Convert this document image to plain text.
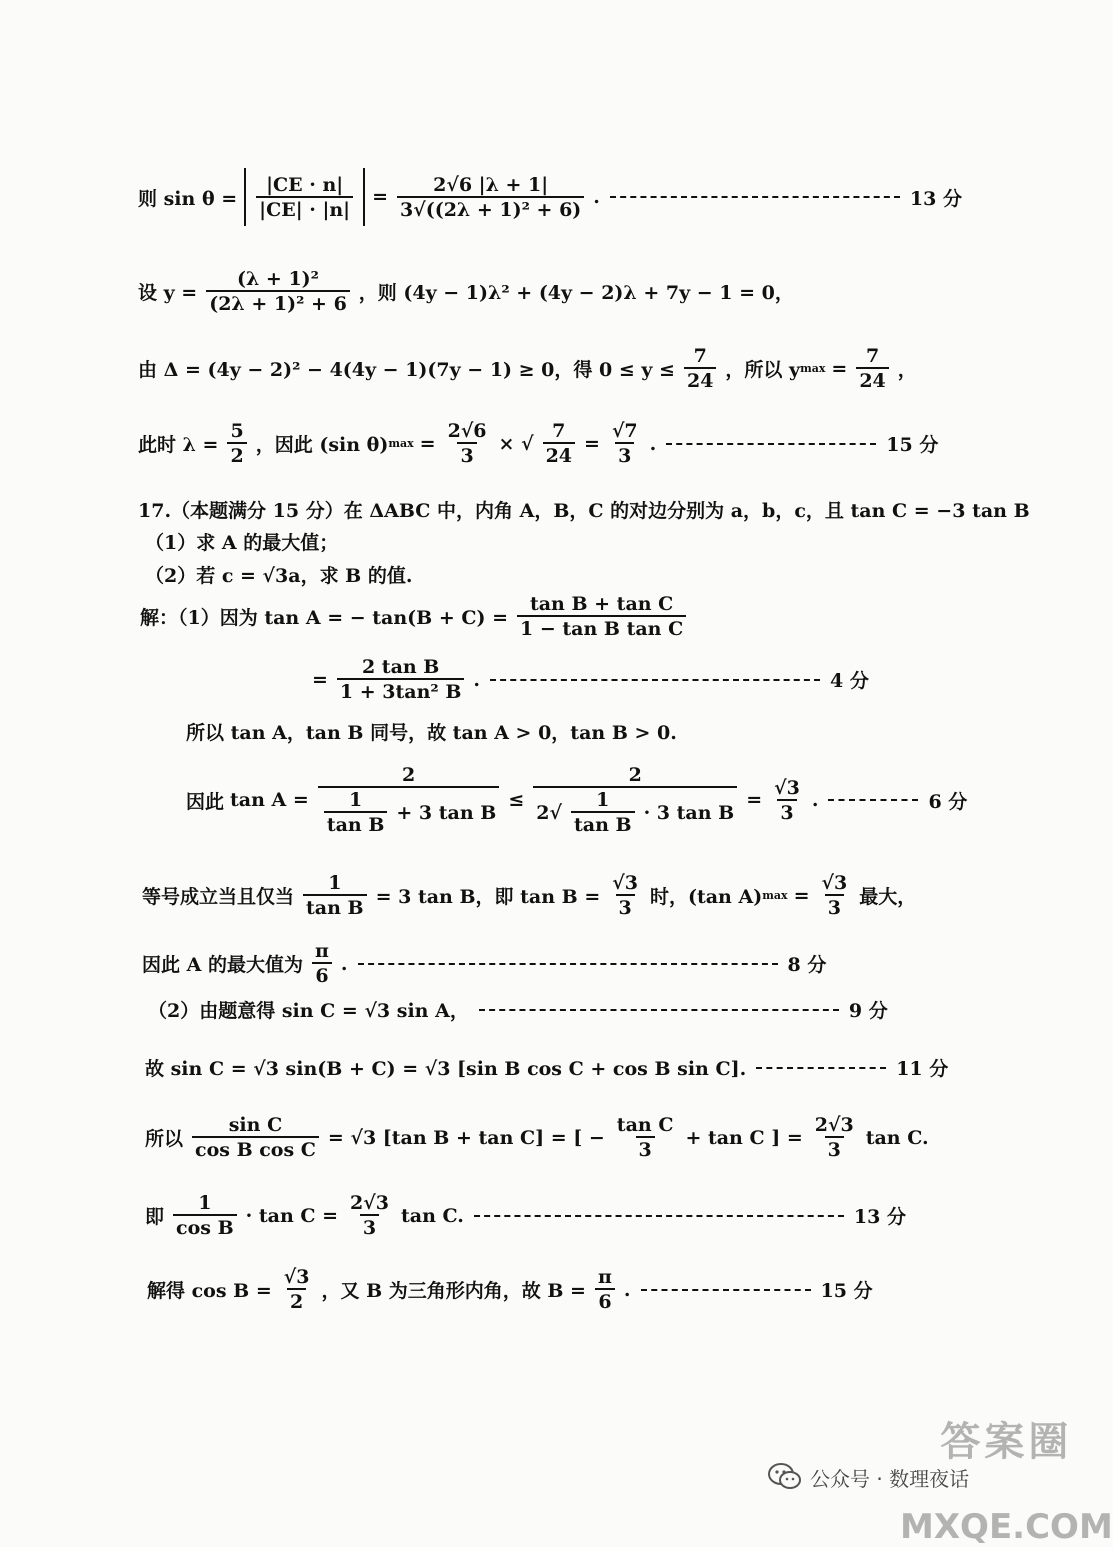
则 $\sin \theta = \frac{|CE \cdot n|}{|CE| \cdot |n|} = \frac{2√6 |\lambda + 1|}{\text{3√((2λ + 1)² + 6)}}$ .	13 分
设 $y = \frac{\text{(λ + 1)²}}{\text{(2λ + 1)² + 6}}$ ，则 (4y − 1)λ² + (4y − 2)λ + 7y − 1 = 0，
由 Δ = (4y − 2)² − 4(4y − 1)(7y − 1) ≥ 0，得 $0 \le y \le \frac{7}{24}$ ，所以 y $\max = \frac{7}{24}$ ，
此时 $\lambda = \frac{5}{2}$ ，因此 (sin θ) $\max = \frac{2√6}{3}$ × √ $\frac{7}{24} = \frac{√7}{3}$ .	15 分
17.（本题满分 15 分）在 ΔABC 中，内角 A，B，C 的对边分别为 a，b，c，且 tan C = −3 tan B
（1）求 A 的最大值；
（2）若 c = √3a，求 B 的值.
解：（1）因为 tan A = − $\tan(B + C) = \frac{\text{tan B + tan C}}{\text{1 − tan B tan C}}$
= $\frac{\text{2 tan B}}{\text{1 + 3tan² B}}$ .	4 分
所以 tan A，tan B 同号，故 tan A > 0，tan B > 0.
因此 $\tan A = \frac{2}{\frac{1}{\text{tan B}} + 3 \tan B} \le \frac{2}{2√ \frac{1}{\text{tan B}} \cdot 3 \tan B} = \frac{√3}{3}$ .	6 分
等号成立当且仅当 $\frac{1}{\text{tan B}} = 3$ tan B，即 $\tan B = \frac{√3}{3}$ 时，(tan A) $\max = \frac{√3}{3}$ 最大，
因此 A 的最大值为 $\frac{\pi}{6}$ .	8 分
（2）由题意得 sin C = √3 sin A，	9 分
故 sin C = √3 sin(B + C) = √3 [sin B cos C + cos B sin C].	11 分
所以 $\frac{\text{sin C}}{\text{cos B cos C}} = √3$ [tan B + tan C] = [ − $\frac{\text{tan C}}{3} + \tan C$ ] = $\frac{2√3}{3}$ tan C.
即 $\frac{1}{\text{cos B}} \cdot \tan C = \frac{2√3}{3}$ tan C.	13 分
解得 $\cos B = \frac{√3}{2}$ ，又 B 为三角形内角，故 $B = \frac{\pi}{6}$ .	15 分
公众号 · 数理夜话
答案圈
MXQE.COM
